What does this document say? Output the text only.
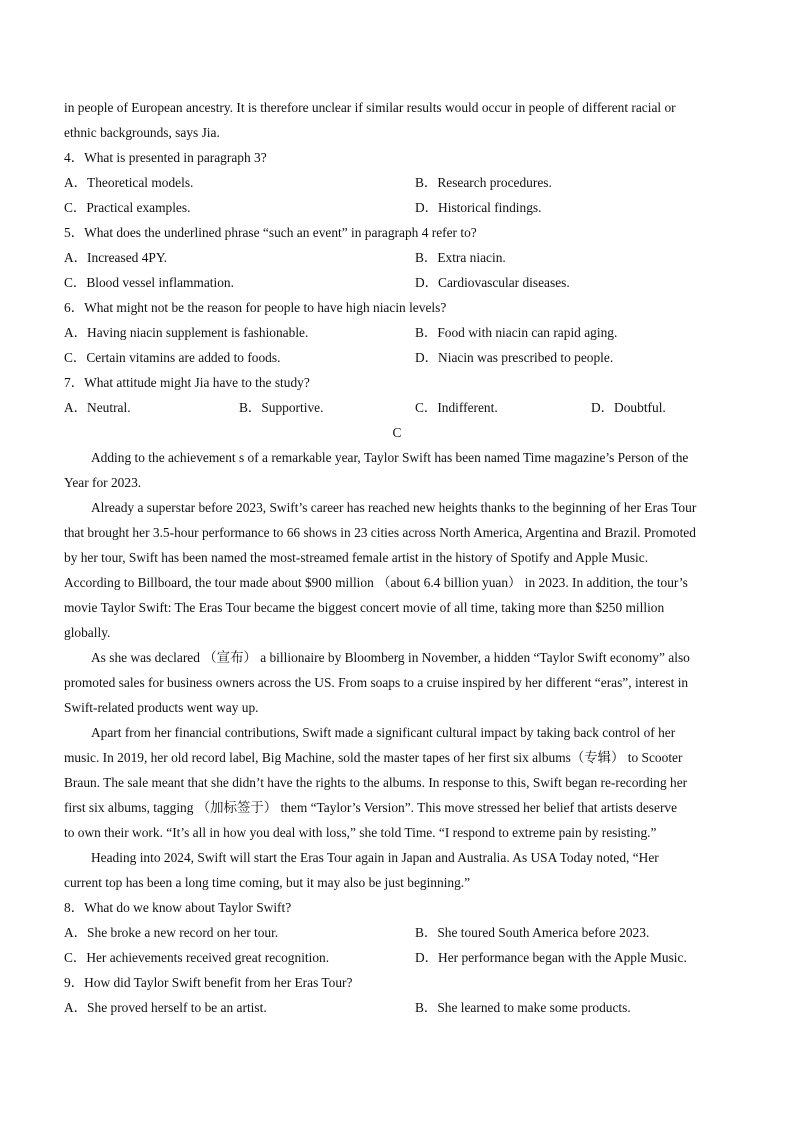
in people of European ancestry. It is therefore unclear if similar results would occur in people of different racial or
ethnic backgrounds, says Jia.
4．What is presented in paragraph 3?
A．Theoretical models.	B．Research procedures.
C．Practical examples.	D．Historical findings.
5．What does the underlined phrase “such an event” in paragraph 4 refer to?
A．Increased 4PY.	B．Extra niacin.
C．Blood vessel inflammation.	D．Cardiovascular diseases.
6．What might not be the reason for people to have high niacin levels?
A．Having niacin supplement is fashionable.	B．Food with niacin can rapid aging.
C．Certain vitamins are added to foods.	D．Niacin was prescribed to people.
7．What attitude might Jia have to the study?
A．Neutral.	B．Supportive.	C．Indifferent.	D．Doubtful.
C
Adding to the achievement s of a remarkable year, Taylor Swift has been named Time magazine’s Person of the
Year for 2023.
Already a superstar before 2023, Swift’s career has reached new heights thanks to the beginning of her Eras Tour
that brought her 3.5-hour performance to 66 shows in 23 cities across North America, Argentina and Brazil. Promoted
by her tour, Swift has been named the most-streamed female artist in the history of Spotify and Apple Music.
According to Billboard, the tour made about $900 million （about 6.4 billion yuan） in 2023. In addition, the tour’s
movie Taylor Swift: The Eras Tour became the biggest concert movie of all time, taking more than $250 million
globally.
As she was declared （宣布） a billionaire by Bloomberg in November, a hidden “Taylor Swift economy” also
promoted sales for business owners across the US. From soaps to a cruise inspired by her different “eras”, interest in
Swift-related products went way up.
Apart from her financial contributions, Swift made a significant cultural impact by taking back control of her
music. In 2019, her old record label, Big Machine, sold the master tapes of her first six albums（专辑） to Scooter
Braun. The sale meant that she didn’t have the rights to the albums. In response to this, Swift began re-recording her
first six albums, tagging （加标签于） them “Taylor’s Version”. This move stressed her belief that artists deserve
to own their work. “It’s all in how you deal with loss,” she told Time. “I respond to extreme pain by resisting.”
Heading into 2024, Swift will start the Eras Tour again in Japan and Australia. As USA Today noted, “Her
current top has been a long time coming, but it may also be just beginning.”
8．What do we know about Taylor Swift?
A．She broke a new record on her tour.	B．She toured South America before 2023.
C．Her achievements received great recognition.	D．Her performance began with the Apple Music.
9．How did Taylor Swift benefit from her Eras Tour?
A．She proved herself to be an artist.	B．She learned to make some products.
